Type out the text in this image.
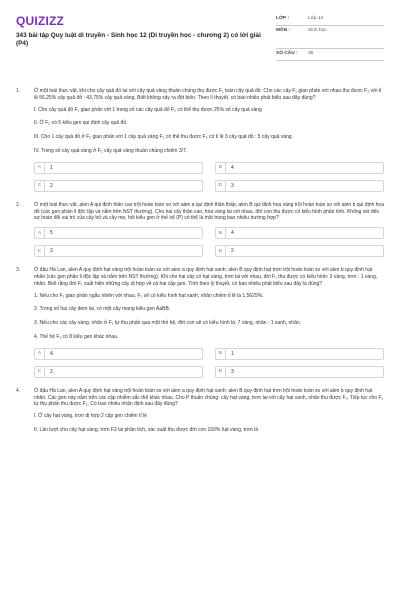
QUIZIZZ
343 bài tập Quy luật di truyền - Sinh học 12 (Di truyền học - chương 2) có lời giải (P4)
LỚP :	Lớp 12
MÔN :	Sinh học
SỐ CÂU :	35
1.	Ở một loài thực vật, khi cho cây quả đỏ lai với cây quả vàng thuần chủng thu được F₁ toàn cây quả đỏ. Cho các cây F₁ giao phấn với nhau thu được F₂ với tỉ lệ 56,25% cây quả đỏ : 43,75% cây quả vàng. Biết không xảy ra đột biến. Theo lí thuyết, có bao nhiêu phát biểu sau đây đúng?
I. Cho cây quả đỏ F₁ giao phấn với 1 trong số các cây quả đỏ F₂ có thể thu được 25% số cây quả vàng
II. Ở F₂ có 5 kiểu gen qui định cây quả đỏ.
III. Cho 1 cây quả đỏ ở F₂ giao phấn với 1 cây quả vàng F₂ có thể thu được F₃ có tỉ lệ 3 cây quả đỏ : 5 cây quả vàng.
IV. Trong số cây quả vàng ở F₂ cây quả vàng thuần chủng chiếm 3/7.
A	1	B	4
C	2	D	3
2.	Ở một loài thực vật, alen A qui định thân cao trội hoàn toàn so với alen a qui định thân thấp; alen B qui định hoa vàng trội hoàn toàn so với alen b qui định hoa đỏ (các gen phân li độc lập và nằm trên NST thường). Cho hai cây thân cao, hoa vàng lai với nhau, đời con thu được có kiểu hình phân tính. Không xét đến sự hoán đổi vai trò của cây bố và cây mẹ, hỏi kiểu gen ở thế hệ (P) có thể là một trong bao nhiêu trường hợp?
A	5	B	4
C	3	D	2
3.	Ở đậu Hà Lan, alen A quy định hạt vàng trội hoàn toàn so với alen a quy định hạt xanh; alen B quy định hạt trơn trội hoàn toàn so với alen b quy định hạt nhăn (các gen phân li độc lập và nằm trên NST thường). Khi cho hai cây có hạt vàng, trơn lai với nhau, đời F₁ thu được có kiểu hình: 3 vàng, trơn : 1 vàng, nhăn. Biết rằng đời F₁ xuất hiện những cây dị hợp về cả hai cặp gen. Tính theo lý thuyết, có bao nhiêu phát biểu sau đây là đúng?
1. Nếu cho F₁ giao phấn ngẫu nhiên với nhau, F₂ sẽ có kiểu hình hạt xanh, nhăn chiếm tỉ lệ là 1,5625%.
2. Trong số hai cây đem lai, có một cây mang kiểu gen AaBB.
3. Nếu cho các cây vàng, nhăn ở F₁ tự thụ phấn qua một thế hệ, đời con sẽ có kiểu hình là: 7 vàng, nhăn : 1 xanh, nhăn.
4. Thế hệ F₁ có 8 kiểu gen khác nhau.
A	4.	B	1
C	2.	D	3
4.	Ở đậu Hà Lan, alen A quy định hạt vàng trội hoàn toàn so với alen a quy định hạt xanh; alen B quy định hạt trơn trội hoàn toàn so với alen b quy định hạt nhăn. Các gen này nằm trên các cặp nhiễm sắc thể khác nhau. Cho P thuần chủng: cây hạt vàng, trơn lai với cây hạt xanh, nhăn thu được F₁. Tiếp tục cho F₁ tự thụ phấn thu được F₂. Có bao nhiêu nhận định sau đây đúng?
I. Ở cây hạt vàng, trơn dị hợp 2 cặp gen chiếm tỉ lệ
II. Lần lượt cho cây hạt vàng, trơn F2 lai phân tích, xác suất thu được đời con 100% hạt vàng, trơn là
